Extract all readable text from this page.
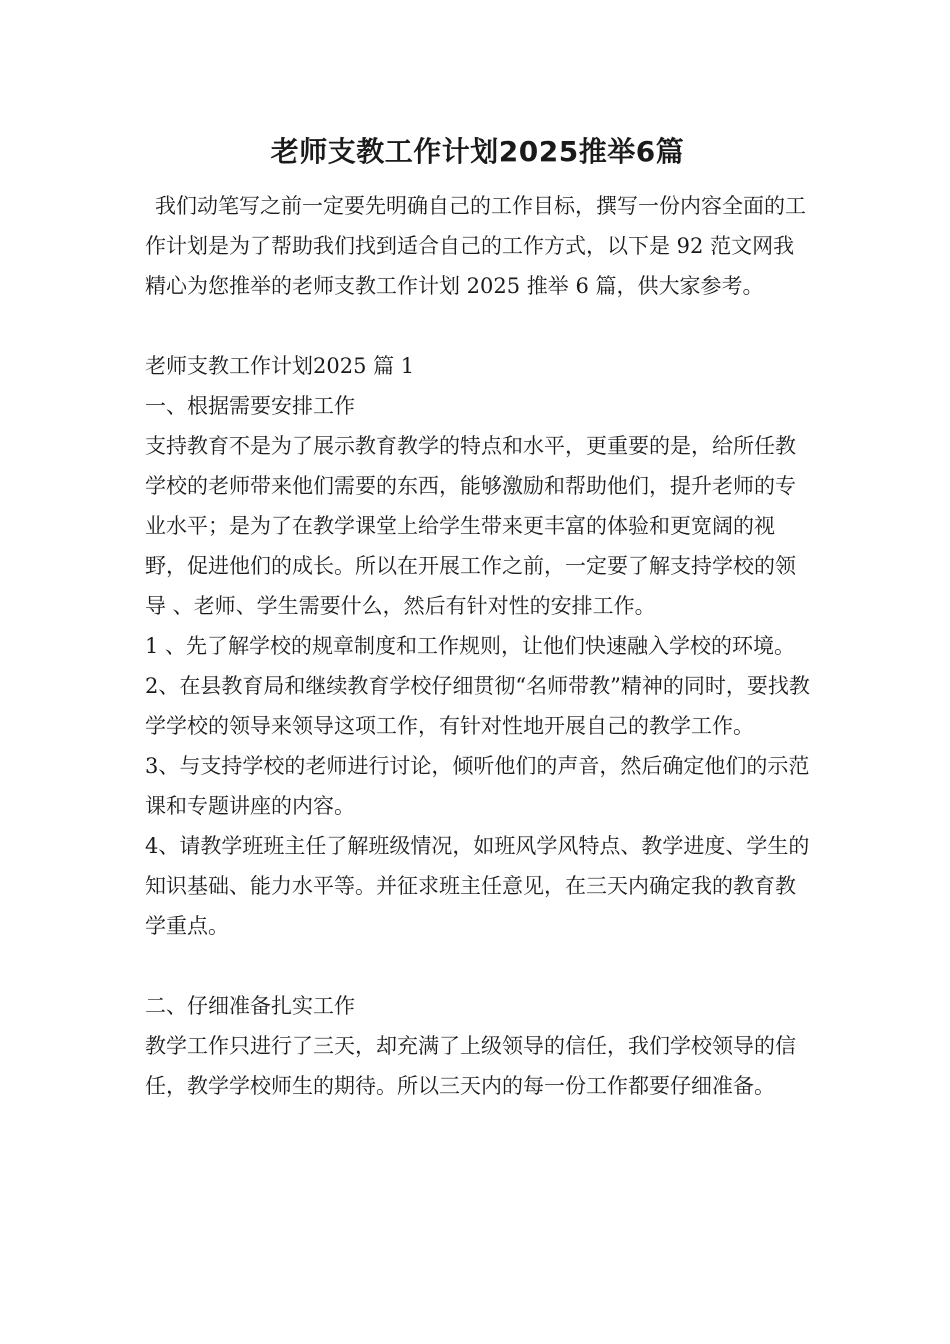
老师支教工作计划2025推举6篇

我们动笔写之前一定要先明确自己的工作目标，撰写一份内容全面的工作计划是为了帮助我们找到适合自己的工作方式，以下是 92 范文网我精心为您推举的老师支教工作计划 2025 推举 6 篇，供大家参考。

老师支教工作计划2025 篇 1

一、根据需要安排工作

支持教育不是为了展示教育教学的特点和水平，更重要的是，给所任教学校的老师带来他们需要的东西，能够激励和帮助他们，提升老师的专业水平；是为了在教学课堂上给学生带来更丰富的体验和更宽阔的视野，促进他们的成长。所以在开展工作之前，一定要了解支持学校的领导 、老师、学生需要什么，然后有针对性的安排工作。

1 、先了解学校的规章制度和工作规则，让他们快速融入学校的环境。

2、在县教育局和继续教育学校仔细贯彻“名师带教”精神的同时，要找教学学校的领导来领导这项工作，有针对性地开展自己的教学工作。

3、与支持学校的老师进行讨论，倾听他们的声音，然后确定他们的示范课和专题讲座的内容。

4、请教学班班主任了解班级情况，如班风学风特点、教学进度、学生的知识基础、能力水平等。并征求班主任意见，在三天内确定我的教育教学重点。

二、仔细准备扎实工作

教学工作只进行了三天，却充满了上级领导的信任，我们学校领导的信任，教学学校师生的期待。所以三天内的每一份工作都要仔细准备。
